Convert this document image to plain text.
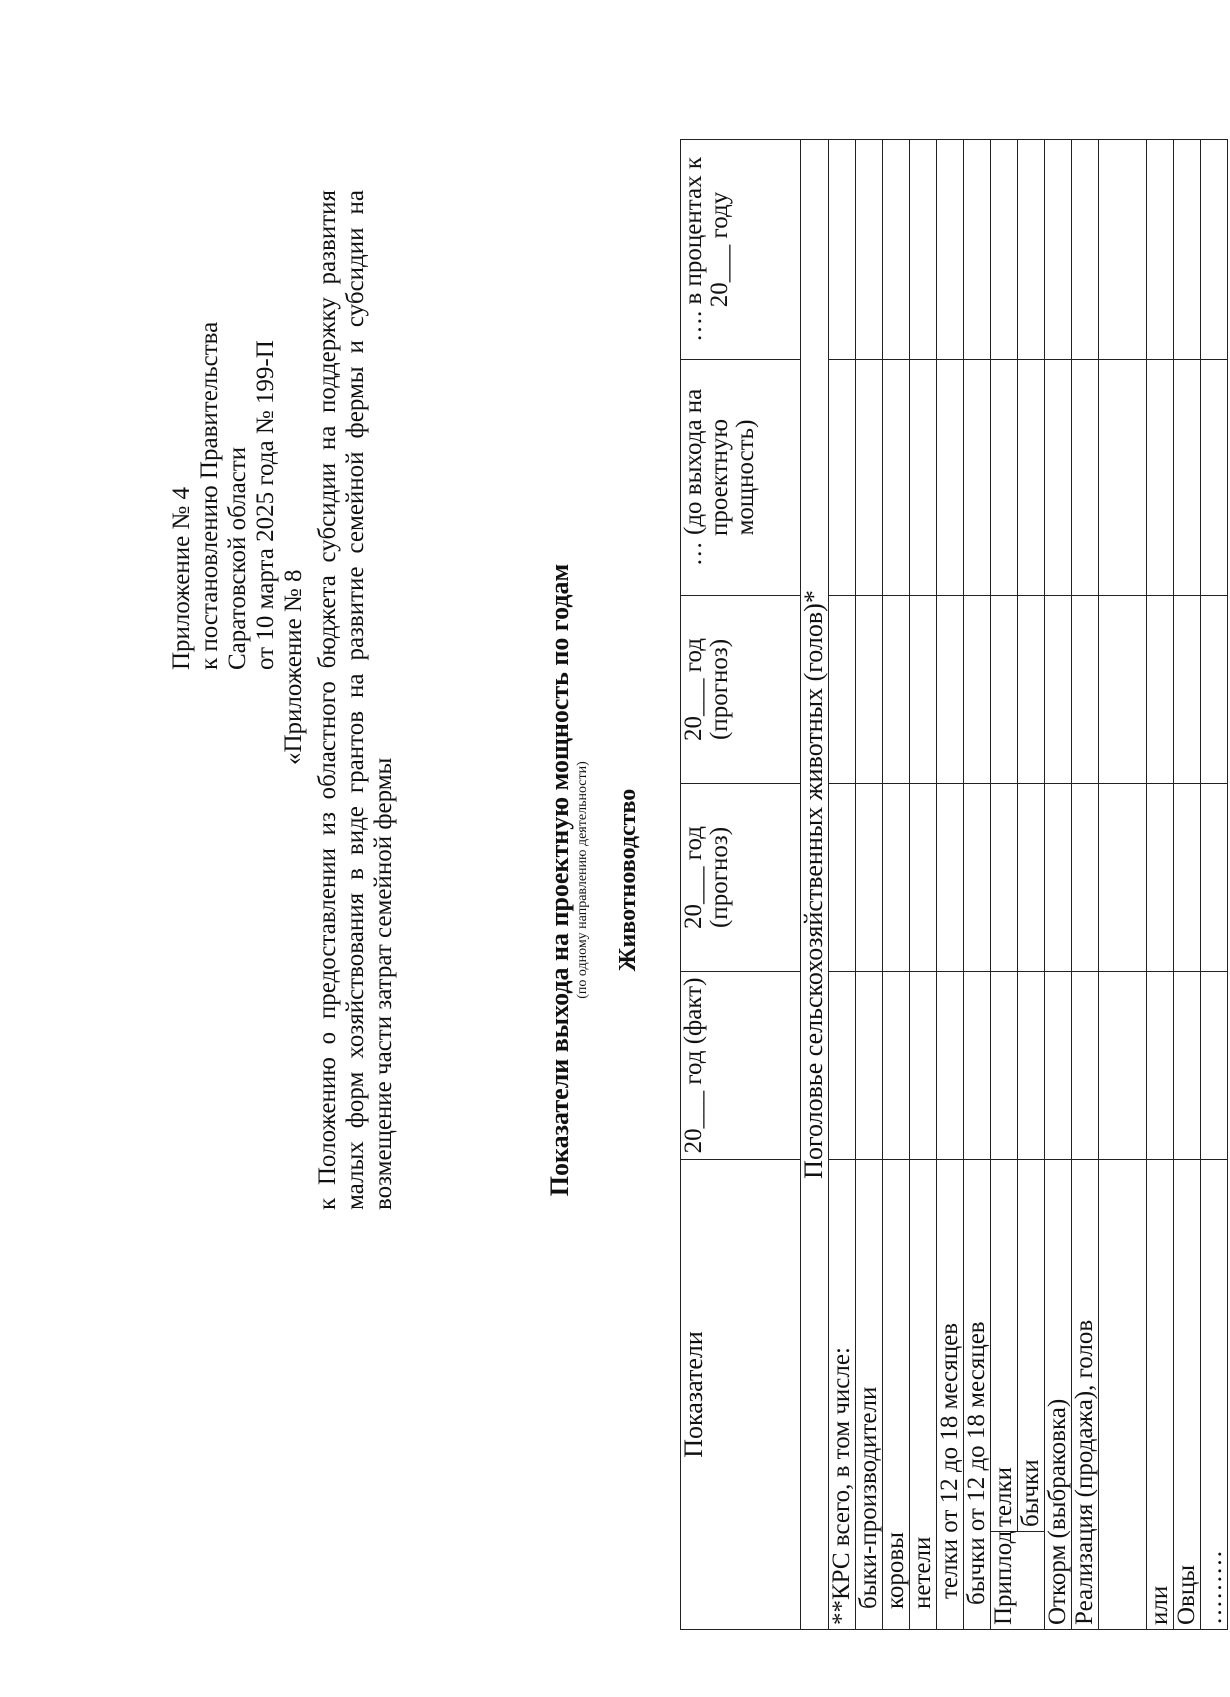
Приложение № 4 к постановлению Правительства Саратовской области от 10 марта 2025 года № 199-П «Приложение № 8 к Положению о предоставлении из областного бюджета субсидии на поддержку развития малых форм хозяйствования в виде грантов на развитие семейной фермы и субсидии на возмещение части затрат семейной фермы	Показатели выхода на проектную мощность по годам (по одному направлению деятельности) Животноводство
Показатели		20___ год (факт)	20___ год (прогноз)	20___ год (прогноз)	… (до выхода на проектную мощность)	…. в процентах к 20___ году
Поголовье сельскохозяйственных животных (голов)*						
**КРС всего, в том числе:						
быки-производители						
коровы						
нетели						
телки от 12 до 18 месяцев						
бычки от 12 до 18 месяцев						
Приплод	телки					
	бычки					
Откорм (выбраковка)						
Реализация (продажа), голов						

или						
Овцы						
………						
